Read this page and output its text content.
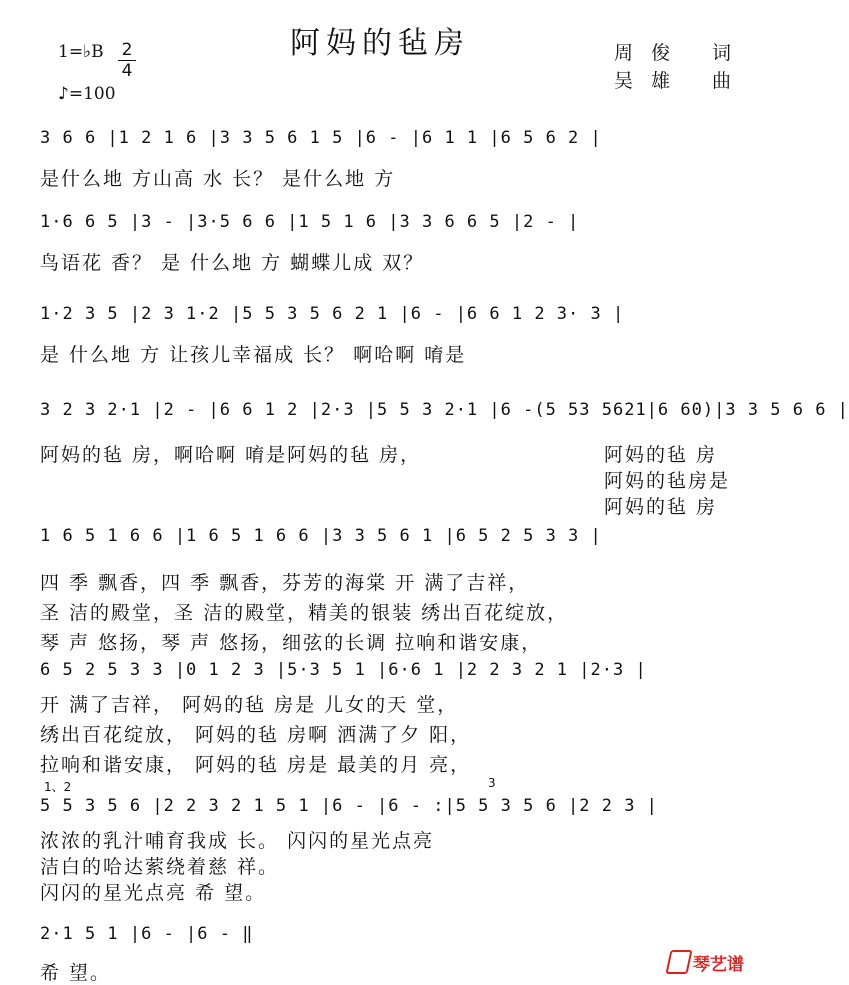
阿妈的毡房
1=♭B 2
4
♪=100
周俊 词
吴雄 曲
3 6 6 |1 2 1 6 |3 3 5 6 1 5 |6 - |6 1 1 |6 5 6 2 |
是什么地 方山高 水 长？ 是什么地 方
1·6 6 5 |3 - |3·5 6 6 |1 5 1 6 |3 3 6 6 5 |2 - |
鸟语花 香？ 是 什么地 方 蝴蝶儿成 双？
1·2 3 5 |2 3 1·2 |5 5 3 5 6 2 1 |6 - |6 6 1 2 3· 3 |
是 什么地 方 让孩儿幸福成 长？ 啊哈啊 唷是
3 2 3 2·1 |2 - |6 6 1 2 |2·3 |5 5 3 2·1 |6 -(5 53 5621|6 60)|3 3 5 6 6 |
阿妈的毡 房，啊哈啊 唷是阿妈的毡 房，	阿妈的毡 房
阿妈的毡房是
阿妈的毡 房
1 6 5 1 6 6 |1 6 5 1 6 6 |3 3 5 6 1 |6 5 2 5 3 3 |
四 季 飘香，四 季 飘香，芬芳的海棠 开 满了吉祥，
圣 洁的殿堂，圣 洁的殿堂，精美的银装 绣出百花绽放，
琴 声 悠扬，琴 声 悠扬，细弦的长调 拉响和谐安康，
6 5 2 5 3 3 |0 1 2 3 |5·3 5 1 |6·6 1 |2 2 3 2 1 |2·3 |
开 满了吉祥， 阿妈的毡 房是 儿女的天 堂，
绣出百花绽放， 阿妈的毡 房啊 洒满了夕 阳，
拉响和谐安康， 阿妈的毡 房是 最美的月 亮，
1、2	3
5 5 3 5 6 |2 2 3 2 1 5 1 |6 - |6 - :|5 5 3 5 6 |2 2 3 |
浓浓的乳汁哺育我成 长。 闪闪的星光点亮
洁白的哈达萦绕着慈 祥。
闪闪的星光点亮 希 望。
2·1 5 1 |6 - |6 - ‖
希 望。	琴艺谱
